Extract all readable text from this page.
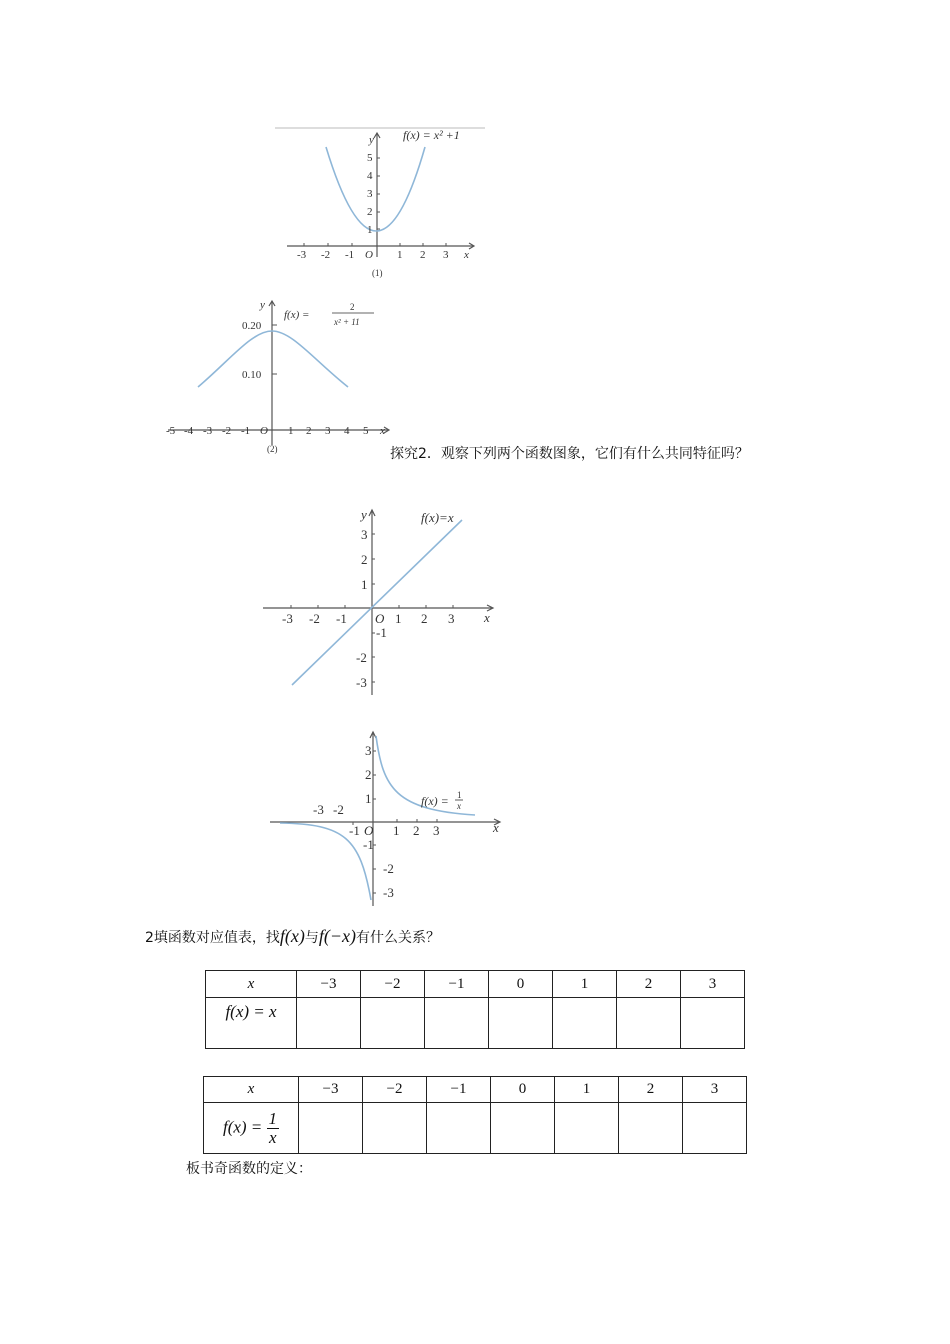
-3 -2 -1 O 1 2 3 x
5
4
3
2
1
y f(x) = x² +1
(1)
-5 -4 -3 -2 -1 O 1 2 3 4 5 x
0.20
0.10
y
f(x) =
2
x² + 11
(2)	探究2．观察下列两个函数图象，它们有什么共同特征吗？
-3 -2 -1 O 1 2 3 x
3
2
1
-1
-2
-3
y	f(x)=x
-3 -2
-1 O 1 2 3	x
3
2
1
-1
-2
-3
f(x) = 1
x
2填函数对应值表，找f(x)与f(−x)有什么关系？
x	−3	−2	−1	0	1	2	3
f(x) = x							
x	−3	−2	−1	0	1	2	3
$f(x) = \frac{1}{x}$

板书奇函数的定义：
